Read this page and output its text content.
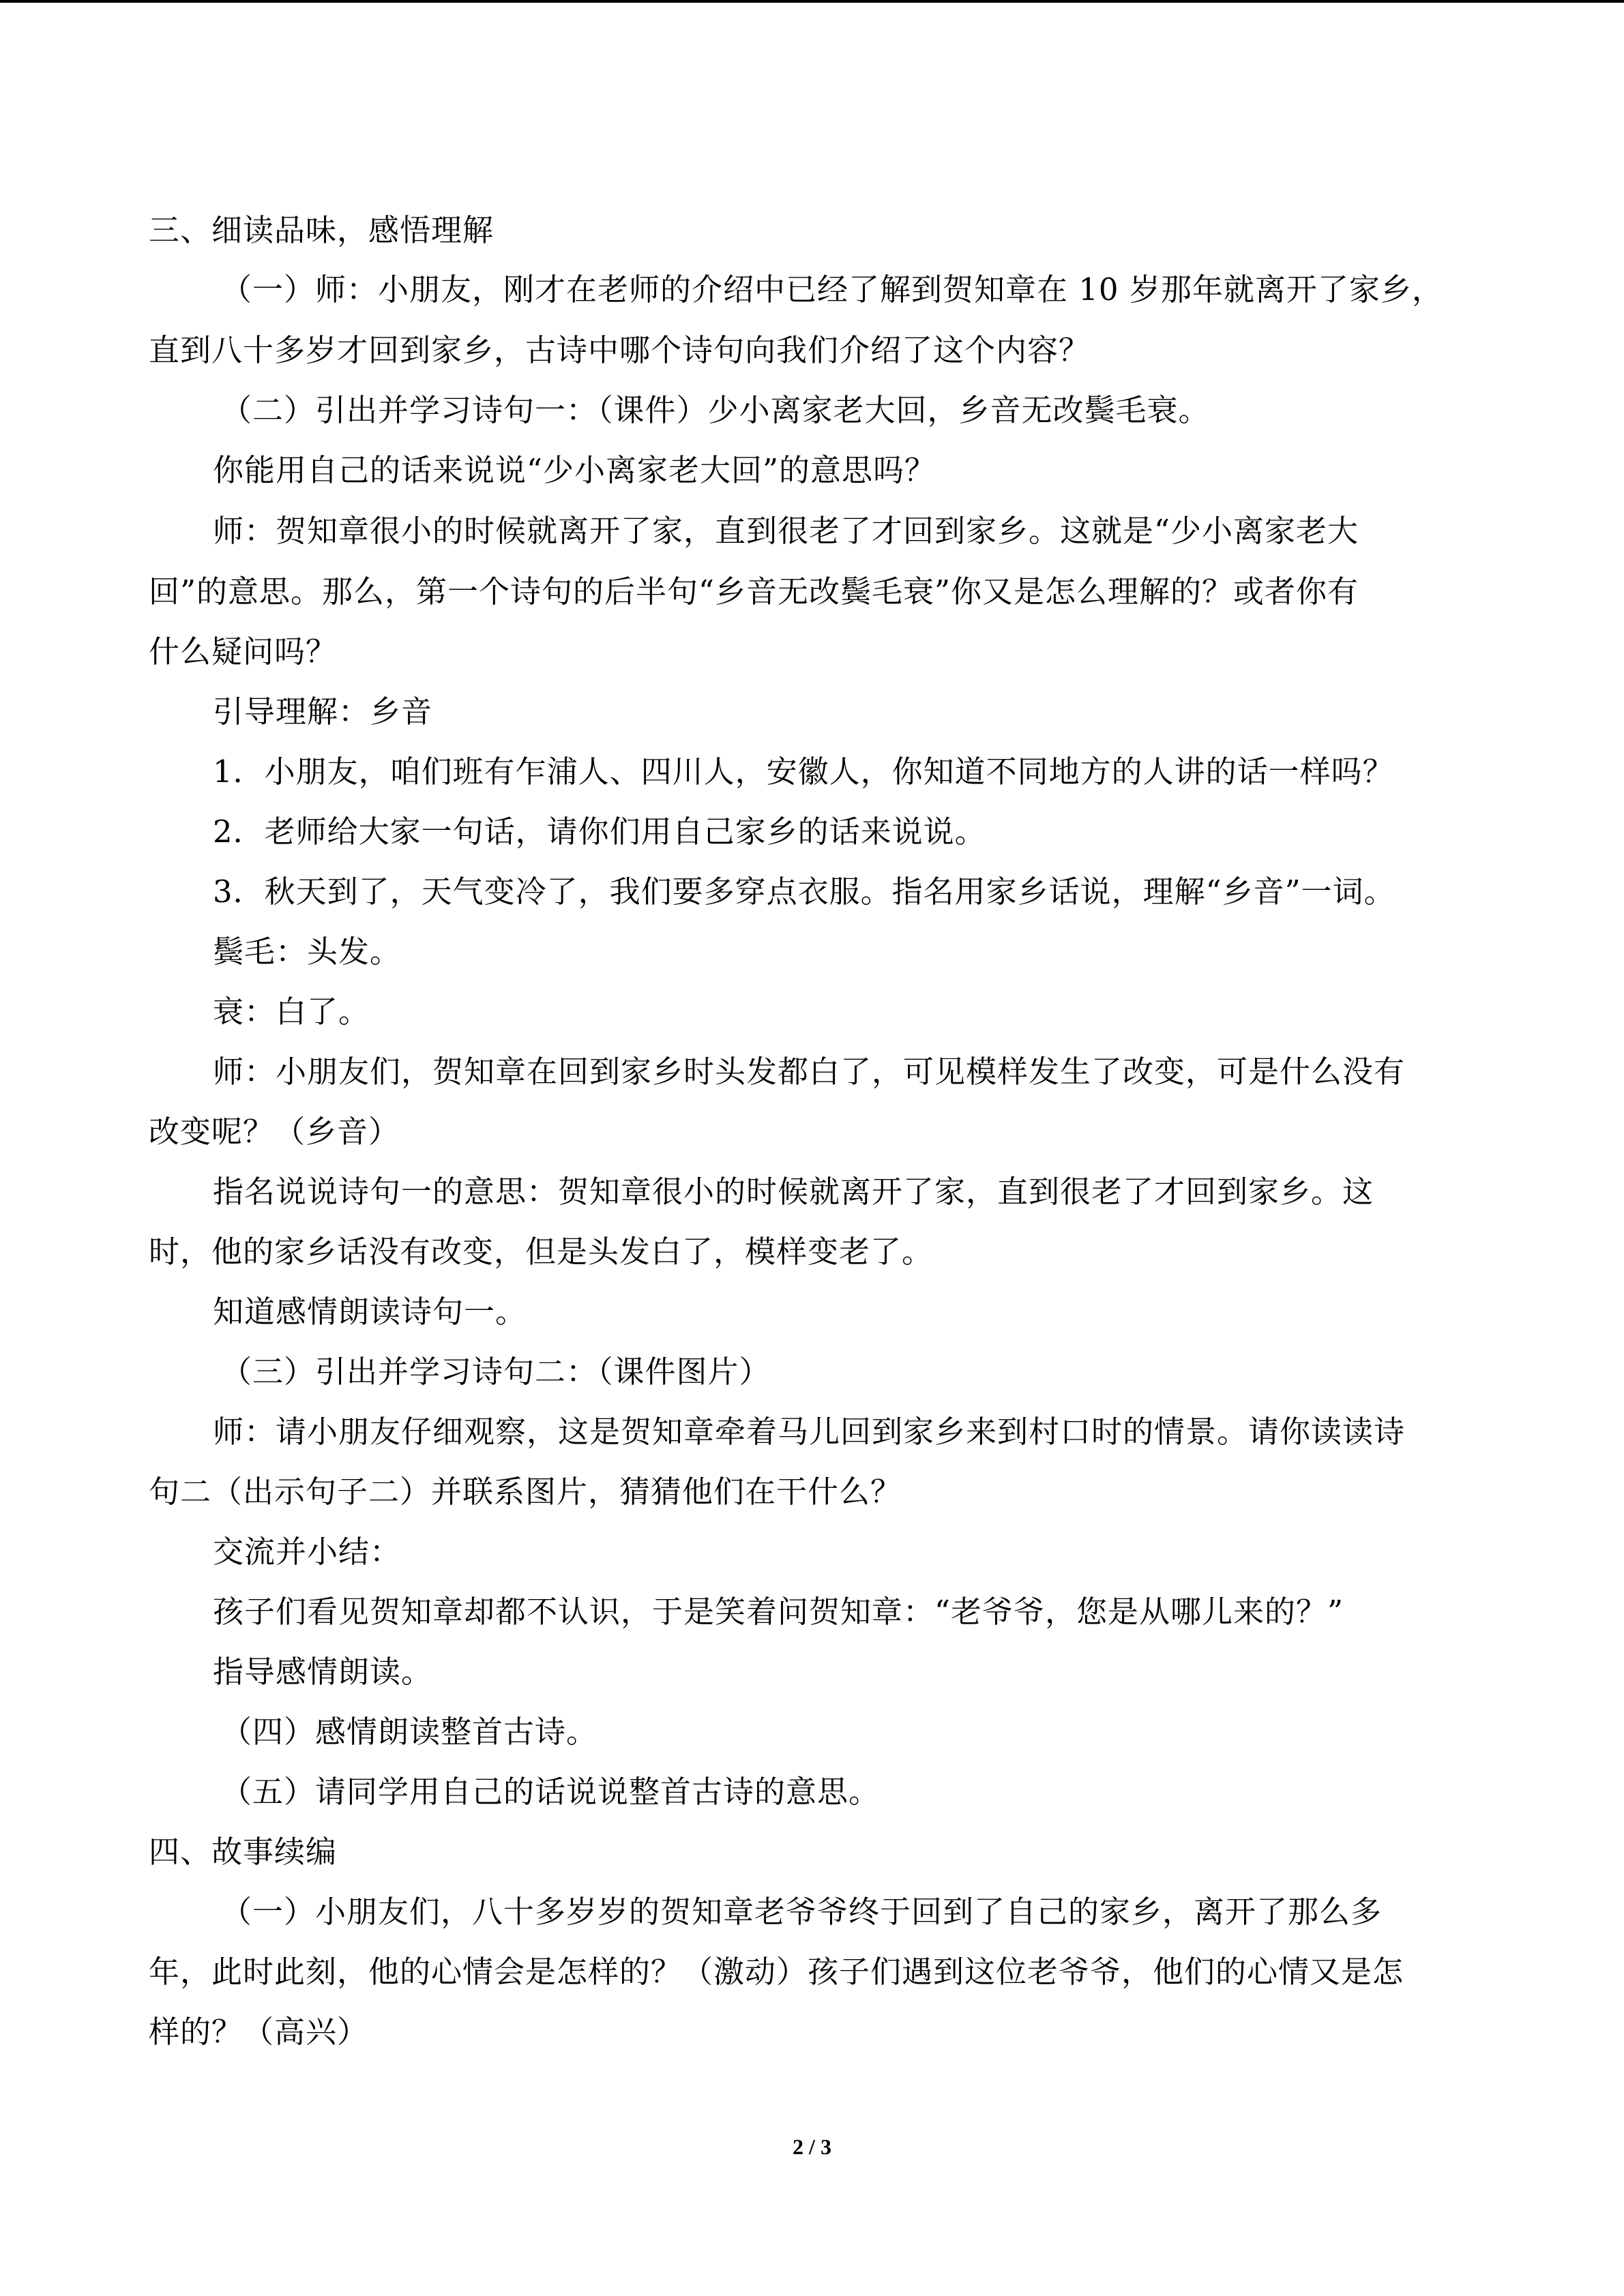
三、细读品味，感悟理解
（一）师：小朋友，刚才在老师的介绍中已经了解到贺知章在 10 岁那年就离开了家乡，
直到八十多岁才回到家乡，古诗中哪个诗句向我们介绍了这个内容？
（二）引出并学习诗句一：（课件）少小离家老大回，乡音无改鬓毛衰。
你能用自己的话来说说“少小离家老大回”的意思吗？
师：贺知章很小的时候就离开了家，直到很老了才回到家乡。这就是“少小离家老大
回”的意思。那么，第一个诗句的后半句“乡音无改鬓毛衰”你又是怎么理解的？或者你有
什么疑问吗？
引导理解：乡音
1．小朋友，咱们班有乍浦人、四川人，安徽人，你知道不同地方的人讲的话一样吗？
2．老师给大家一句话，请你们用自己家乡的话来说说。
3．秋天到了，天气变冷了，我们要多穿点衣服。指名用家乡话说，理解“乡音”一词。
鬓毛：头发。
衰：白了。
师：小朋友们，贺知章在回到家乡时头发都白了，可见模样发生了改变，可是什么没有
改变呢？（乡音）
指名说说诗句一的意思：贺知章很小的时候就离开了家，直到很老了才回到家乡。这
时，他的家乡话没有改变，但是头发白了，模样变老了。
知道感情朗读诗句一。
（三）引出并学习诗句二：（课件图片）
师：请小朋友仔细观察，这是贺知章牵着马儿回到家乡来到村口时的情景。请你读读诗
句二（出示句子二）并联系图片，猜猜他们在干什么？
交流并小结：
孩子们看见贺知章却都不认识，于是笑着问贺知章：“老爷爷，您是从哪儿来的？”
指导感情朗读。
（四）感情朗读整首古诗。
（五）请同学用自己的话说说整首古诗的意思。
四、故事续编
（一）小朋友们，八十多岁岁的贺知章老爷爷终于回到了自己的家乡，离开了那么多
年，此时此刻，他的心情会是怎样的？（激动）孩子们遇到这位老爷爷，他们的心情又是怎
样的？（高兴）
2 / 3
